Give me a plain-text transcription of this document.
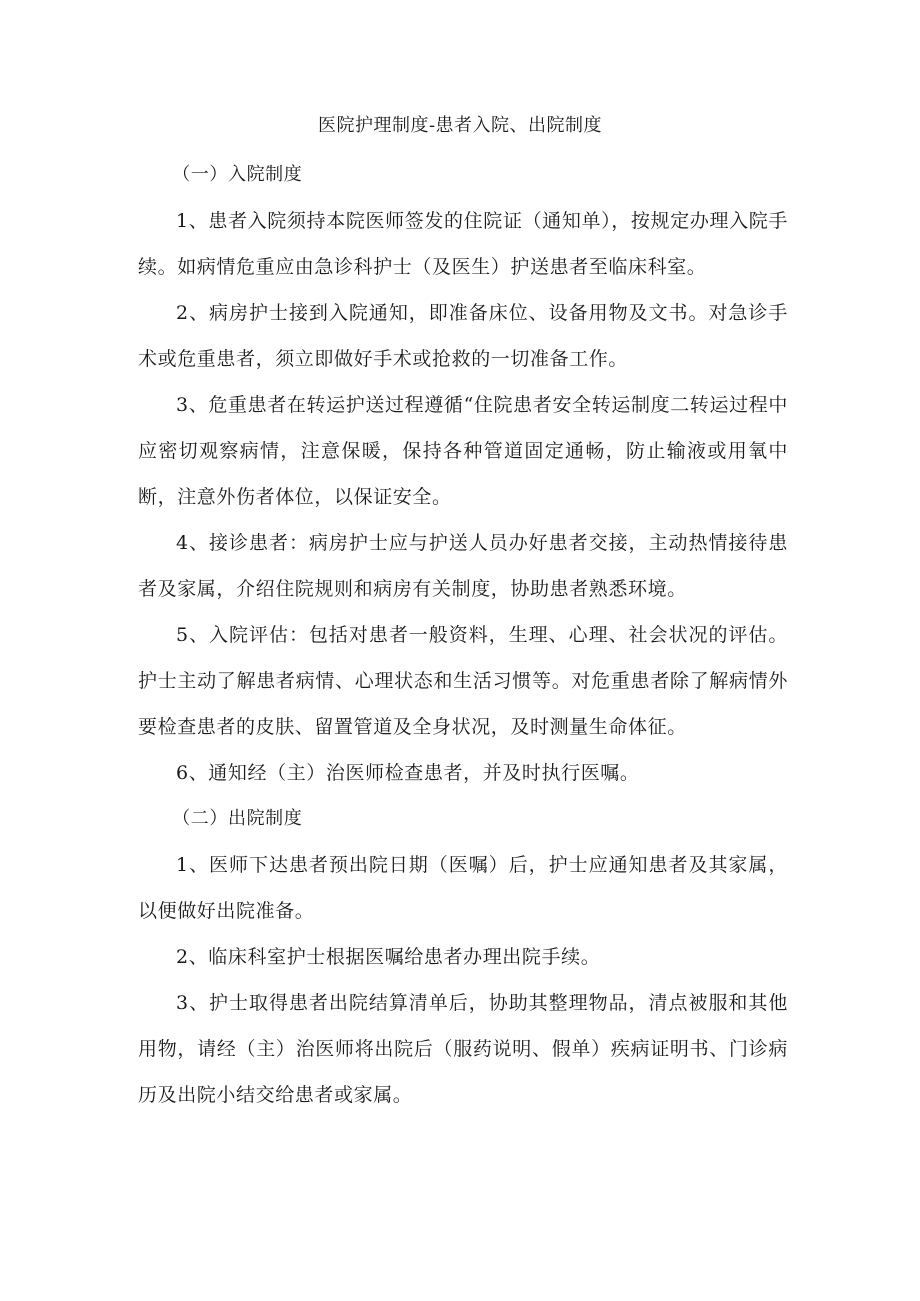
医院护理制度-患者入院、出院制度

（一）入院制度

1、患者入院须持本院医师签发的住院证（通知单），按规定办理入院手续。如病情危重应由急诊科护士（及医生）护送患者至临床科室。

2、病房护士接到入院通知，即准备床位、设备用物及文书。对急诊手术或危重患者，须立即做好手术或抢救的一切准备工作。

3、危重患者在转运护送过程遵循“住院患者安全转运制度二转运过程中应密切观察病情，注意保暖，保持各种管道固定通畅，防止输液或用氧中断，注意外伤者体位，以保证安全。

4、接诊患者：病房护士应与护送人员办好患者交接，主动热情接待患者及家属，介绍住院规则和病房有关制度，协助患者熟悉环境。

5、入院评估：包括对患者一般资料，生理、心理、社会状况的评估。护士主动了解患者病情、心理状态和生活习惯等。对危重患者除了解病情外要检查患者的皮肤、留置管道及全身状况，及时测量生命体征。

6、通知经（主）治医师检查患者，并及时执行医嘱。

（二）出院制度

1、医师下达患者预出院日期（医嘱）后，护士应通知患者及其家属，以便做好出院准备。

2、临床科室护士根据医嘱给患者办理出院手续。

3、护士取得患者出院结算清单后，协助其整理物品，清点被服和其他用物，请经（主）治医师将出院后（服药说明、假单）疾病证明书、门诊病历及出院小结交给患者或家属。
